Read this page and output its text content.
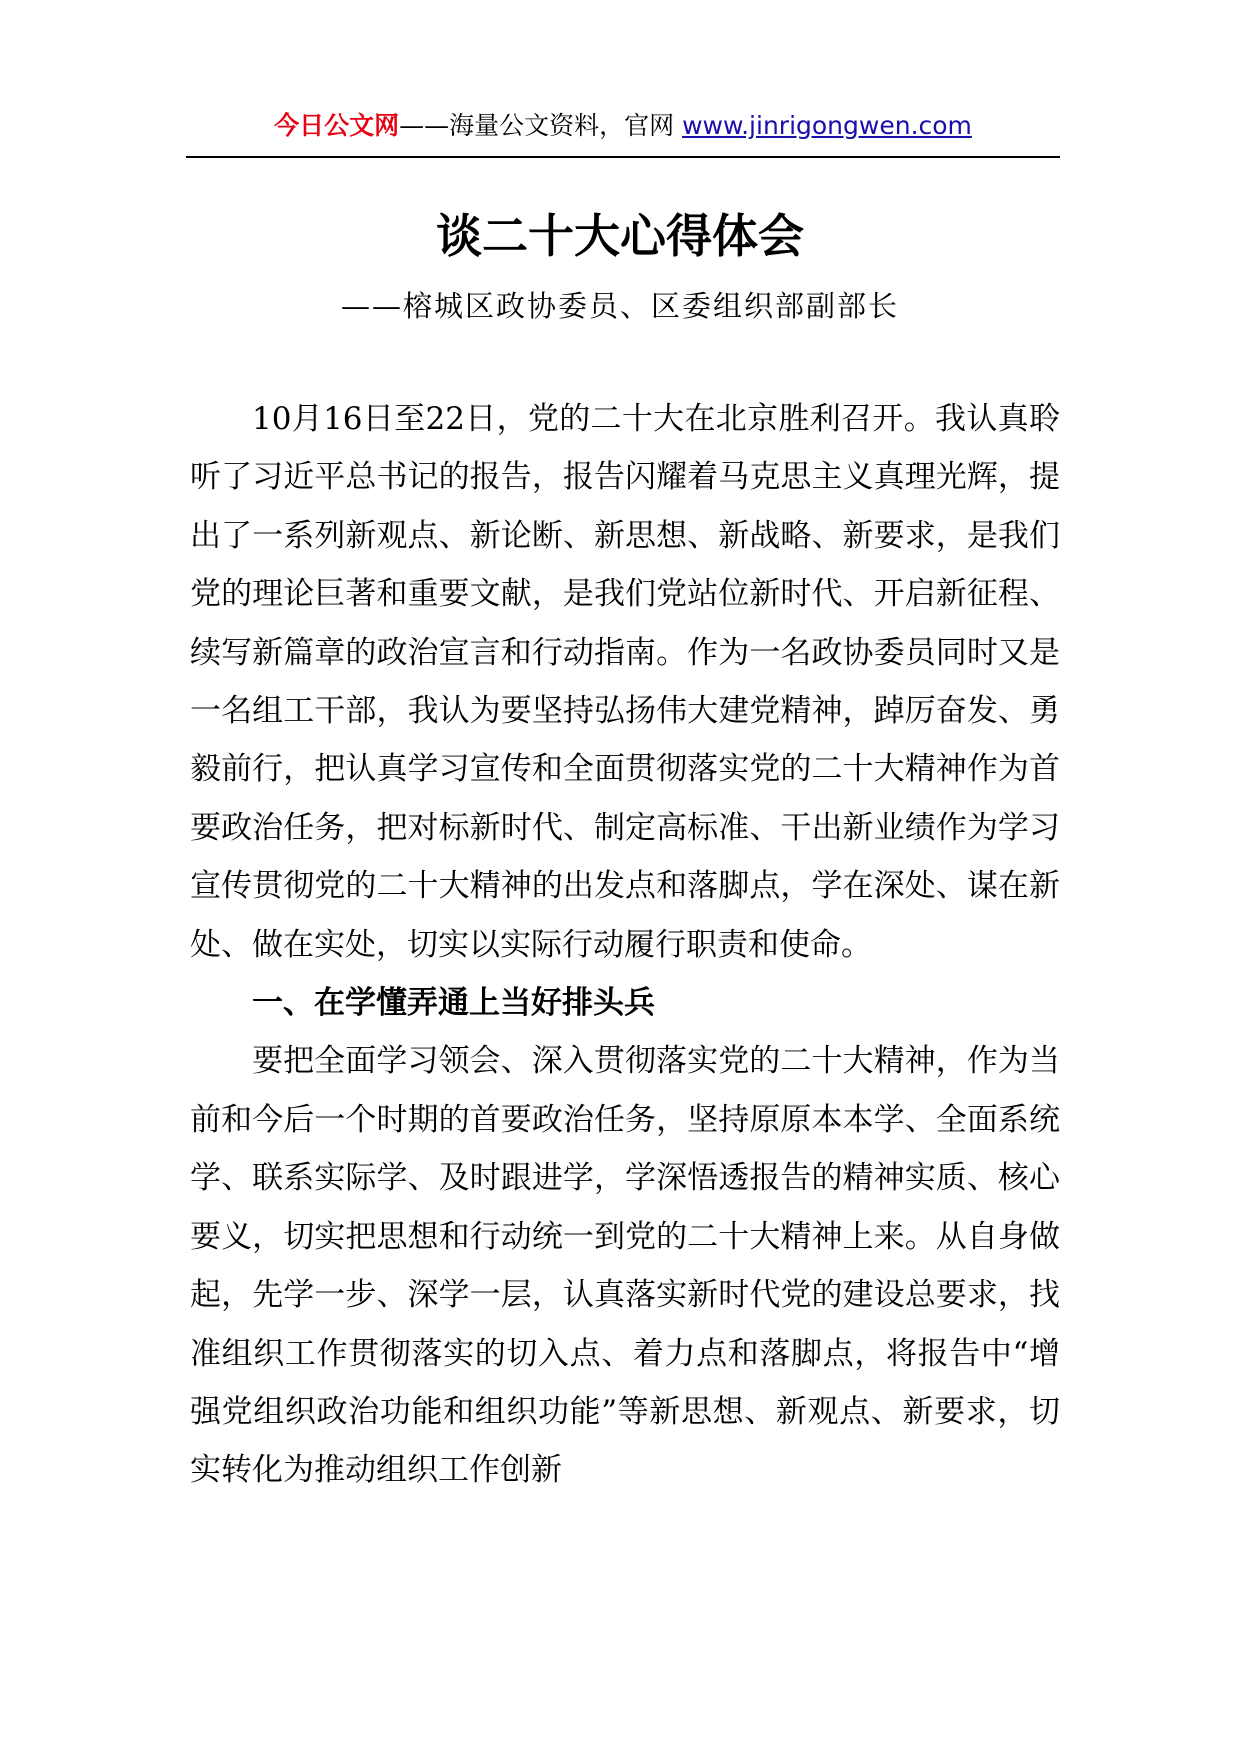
今日公文网——海量公文资料，官网 www.jinrigongwen.com
谈二十大心得体会
——榕城区政协委员、区委组织部副部长

10月16日至22日，党的二十大在北京胜利召开。我认真聆听了习近平总书记的报告，报告闪耀着马克思主义真理光辉，提出了一系列新观点、新论断、新思想、新战略、新要求，是我们党的理论巨著和重要文献，是我们党站位新时代、开启新征程、续写新篇章的政治宣言和行动指南。作为一名政协委员同时又是一名组工干部，我认为要坚持弘扬伟大建党精神，踔厉奋发、勇毅前行，把认真学习宣传和全面贯彻落实党的二十大精神作为首要政治任务，把对标新时代、制定高标准、干出新业绩作为学习宣传贯彻党的二十大精神的出发点和落脚点，学在深处、谋在新处、做在实处，切实以实际行动履行职责和使命。

一、在学懂弄通上当好排头兵

要把全面学习领会、深入贯彻落实党的二十大精神，作为当前和今后一个时期的首要政治任务，坚持原原本本学、全面系统学、联系实际学、及时跟进学，学深悟透报告的精神实质、核心要义，切实把思想和行动统一到党的二十大精神上来。从自身做起，先学一步、深学一层，认真落实新时代党的建设总要求，找准组织工作贯彻落实的切入点、着力点和落脚点，将报告中“增强党组织政治功能和组织功能”等新思想、新观点、新要求，切实转化为推动组织工作创新
